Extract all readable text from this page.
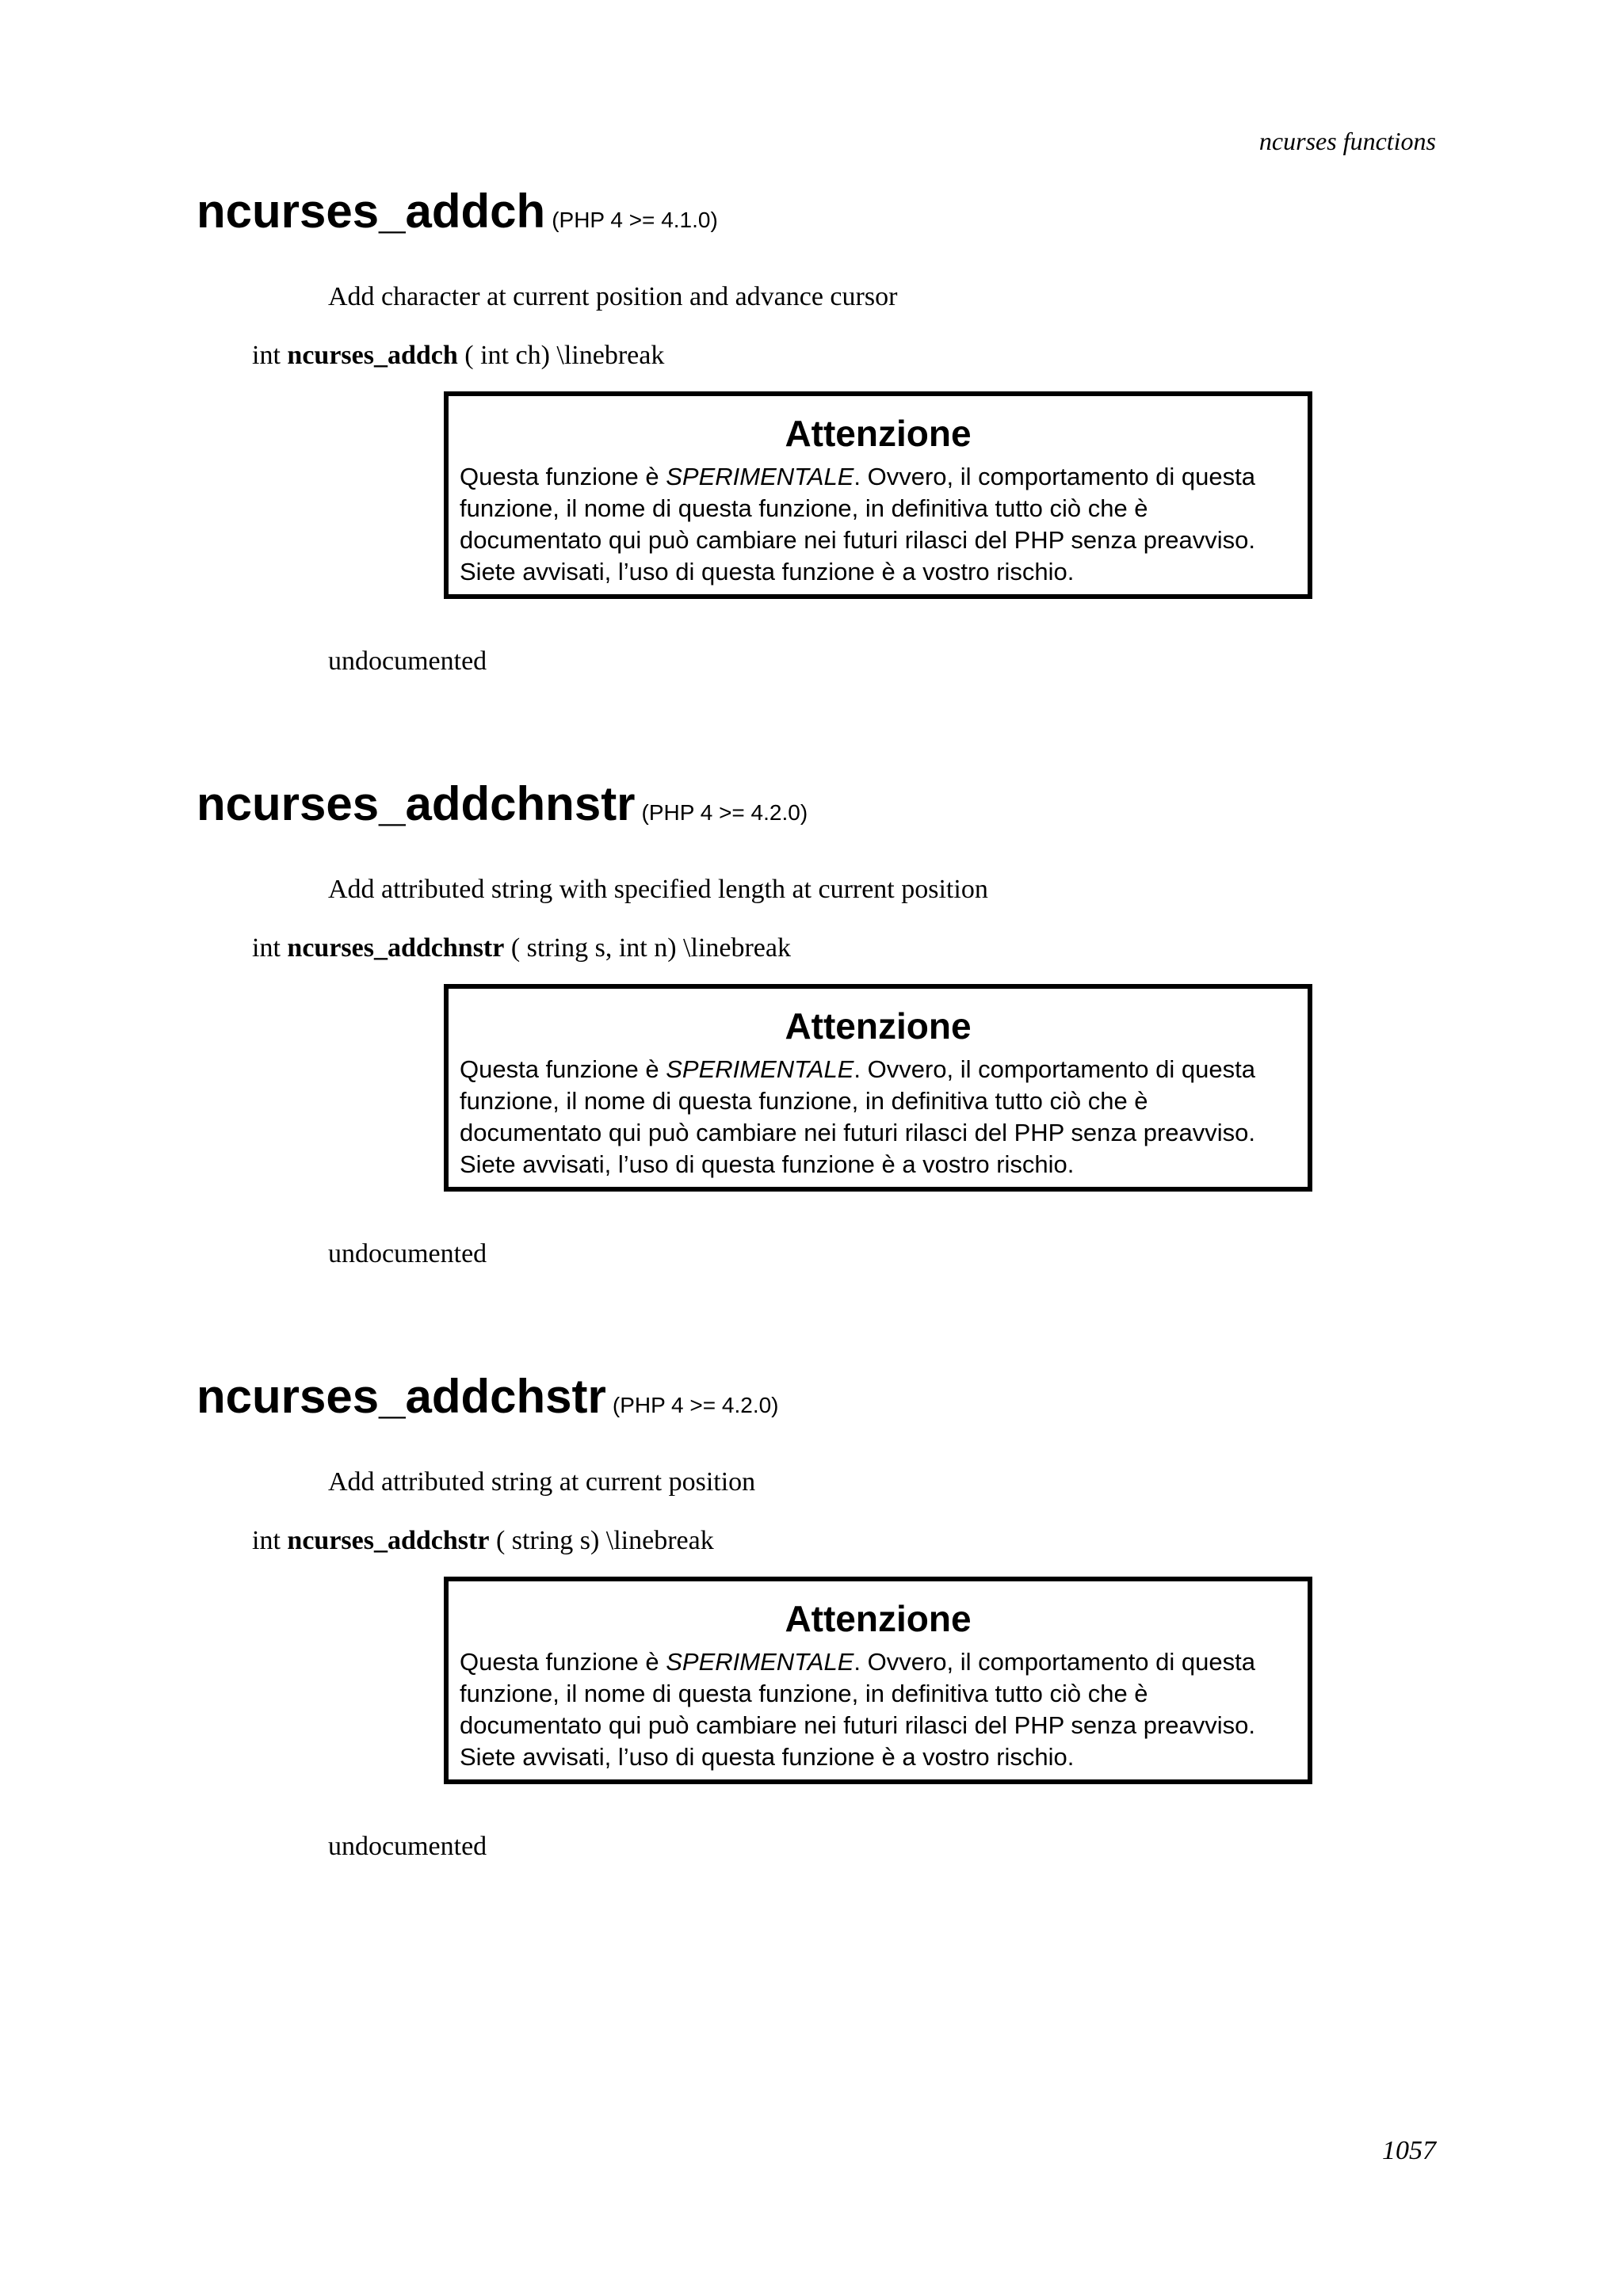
ncurses functions
ncurses_addch (PHP 4 >= 4.1.0)
Add character at current position and advance cursor
int ncurses_addch ( int ch) \linebreak
Attenzione
Questa funzione è SPERIMENTALE. Ovvero, il comportamento di questa funzione, il nome di questa funzione, in definitiva tutto ciò che è documentato qui può cambiare nei futuri rilasci del PHP senza preavviso. Siete avvisati, l’uso di questa funzione è a vostro rischio.
undocumented
ncurses_addchnstr (PHP 4 >= 4.2.0)
Add attributed string with specified length at current position
int ncurses_addchnstr ( string s, int n) \linebreak
Attenzione
Questa funzione è SPERIMENTALE. Ovvero, il comportamento di questa funzione, il nome di questa funzione, in definitiva tutto ciò che è documentato qui può cambiare nei futuri rilasci del PHP senza preavviso. Siete avvisati, l’uso di questa funzione è a vostro rischio.
undocumented
ncurses_addchstr (PHP 4 >= 4.2.0)
Add attributed string at current position
int ncurses_addchstr ( string s) \linebreak
Attenzione
Questa funzione è SPERIMENTALE. Ovvero, il comportamento di questa funzione, il nome di questa funzione, in definitiva tutto ciò che è documentato qui può cambiare nei futuri rilasci del PHP senza preavviso. Siete avvisati, l’uso di questa funzione è a vostro rischio.
undocumented
1057
